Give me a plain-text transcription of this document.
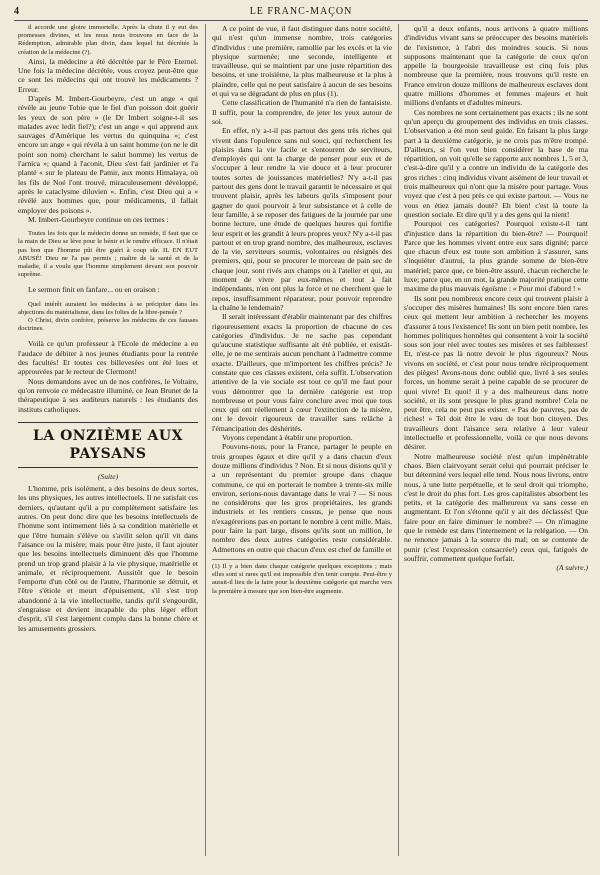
4	LE FRANC-MAÇON

il accorde une gloire immortelle. Après la chute il y eut des promesses divines, et les nous nous trouvons en face de la Rédemption, admirable plan divin, dans lequel fut décrétée la création de la médecine (?).

Ainsi, la médecine a été décrétée par le Père Eternel. Une fois la médecine décrétée, vous croyez peut-être que ce sont les médecins qui ont trouvé les médicaments ? Erreur.

D'après M. Imbert-Gourbeyre, c'est un ange « qui révèle au jeune Tobie que le fiel d'un poisson doit guérir les yeux de son père » (le Dr Imbert soigne-t-il ses malades avec ledit fiel?); c'est un ange « qui apprend aux sauvages d'Amérique les vertus du quinquina »; c'est encore un ange « qui révéla à un saint homme (on ne le dit point son nom) cherchant le salut homme) les vertus de l'arnica »; quand à l'aconit, Dieu s'est fait jardinier et l'a planté « sur le plateau de Pamir, aux monts Himalaya, où les fils de Noé l'ont trouvé, miraculeusement développé, après le cataclysme diluvien ». Enfin, c'est Dieu qui a « révélé aux hommes que, pour médicaments, il fallait employer des poisons ».

M. Imbert-Gourbeyre continue en ces termes :

Toutes les fois que le médecin donne un remède, il faut que ce la main de Dieu se lève pour le bénir et le rendre efficace. Il n'était pas bon que l'homme pût être guéri à coup sûr. IL EN EUT ABUSÉ! Dieu ne l'a pas permis ; maître de la santé et de la maladie, il a voulu que l'homme simplement devant son pouvoir suprême.

Le sermon finit en fanfare... ou en oraison :

Quel intérêt auraient les médecins à se précipiter dans les abjections du matérialisme, dans les folies de la libre-pensée ?

O Christ, divin confrère, préserve les médecins de ces fausses doctrines.

Voilà ce qu'un professeur à l'Ecole de médecine a eu l'audace de débiter à nos jeunes étudiants pour la rentrée des facultés! Et toutes ces billevesées ont été lues et approuvées par le recteur de Clermont!

Nous demandons avec un de nos confrères, le Voltaire, qu'on renvoie ce médecastre illuminé, ce Jean Brunet de la thérapeutique à ses auditeurs naturels : les étudiants des instituts catholiques.

LA ONZIÈME AUX PAYSANS
(Suite)

L'homme, pris isolément, a des besoins de deux sortes, les uns physiques, les autres intellectuels. Il ne satisfait ces derniers, qu'autant qu'il a pu complètement satisfaire les autres. On peut donc dire que les besoins intellectuels de l'homme sont intimement liés à sa condition matérielle et que l'être humain s'élève ou s'avilit selon qu'il vit dans l'aisance ou la misère; mais pour être juste, il faut ajouter que les besoins intellectuels diminuent dès que l'homme prend un trop grand plaisir à la vie physique, matérielle et animale, et réciproquement. Aussitôt que le besoin l'emporte d'un côté ou de l'autre, l'harmonie se détruit, et l'être s'étiole et meurt d'épuisement, s'il s'est trop abandonné à la vie intellectuelle, tandis qu'il s'engourdit, s'engraisse et devient incapable du plus léger effort d'esprit, s'il s'est largement complu dans la bonne chère et les amusements grossiers.

A ce point de vue, il faut distinguer dans notre société, qui n'est qu'un immense nombre, trois catégories d'individus : une première, ramollie par les excès et la vie physique surmenée; une seconde, intelligente et travailleuse, qui se maintient par une juste répartition des besoins, et une troisième, la plus malheureuse et la plus à plaindre, celle qui ne peut satisfaire à aucun de ses besoins et qui va se dégradant de plus en plus (1).

Cette classification de l'humanité n'a rien de fantaisiste. Il suffit, pour la comprendre, de jeter les yeux autour de soi.

En effet, n'y a-t-il pas partout des gens très riches qui vivent dans l'opulence sans nul souci, qui recherchent les plaisirs dans la vie facile et s'entourent de serviteurs, d'employés qui ont la charge de penser pour eux et de s'occuper à leur rendre la vie douce et à leur procurer toutes sortes de jouissances matérielles? N'y a-t-il pas partout des gens dont le travail garantit le nécessaire et qui trouvent plaisir, après les labeurs qu'ils s'imposent pour gagner de quoi pourvoir à leur subsistance et à celle de leur famille, à se reposer des fatigues de la journée par une bonne lecture, une étude de quelques heures qui fortifie leur esprit et les grandit à leurs propres yeux? N'y a-t-il pas partout et en trop grand nombre, des malheureux, esclaves de la vie, serviteurs soumis, volontaires ou résignés des premiers, qui, pour se procurer le morceau de pain sec de chaque jour, sont rivés aux champs ou à l'atelier et qui, au moment de vivre par eux-mêmes et tout à fait indépendants, n'en ont plus la force et ne cherchent que le repos, insuffisamment réparateur, pour pouvoir reprendre la chaîne le lendemain?

Il serait intéressant d'établir maintenant par des chiffres rigoureusement exacts la proportion de chacune de ces catégories d'individus. Je ne sache pas cependant qu'aucune statistique suffisante ait été publiée, et existât-elle, je ne me sentirais aucun penchant à l'admettre comme exacte. D'ailleurs, que m'importent les chiffres précis? Je constate que ces classes existent, cela suffit. L'observation attentive de la vie sociale est tout ce qu'il me faut pour vous démontrer que la dernière catégorie est trop nombreuse et pour vous faire conclure avec moi que tous ceux qui ont réellement à cœur l'extinction de la misère, ont le devoir rigoureux de travailler sans relâche à l'émancipation des déshérités.

Voyons cependant à établir une proportion.

Pouvons-nous, pour la France, partager le peuple en trois groupes égaux et dire qu'il y a dans chacun d'eux douze millions d'individus ? Non. Et si nous disions qu'il y a un représentant du premier groupe dans chaque commune, ce qui en porterait le nombre à trente-six mille environ, serions-nous davantage dans le vrai ? — Si nous ne considérons que les gros propriétaires, les grands industriels et les rentiers cossus, je pense que nous n'exagérerions pas en portant le nombre à cent mille. Mais, pour faire la part large, disons qu'ils sont un million, le nombre des deux autres catégories reste considérable. Admettons en outre que chacun d'eux est chef de famille et

(1) Il y a bien dans chaque catégorie quelques exceptions ; mais elles sont si rares qu'il est impossible d'en tenir compte. Peut-être y aurait-il lieu de la faire pour la deuxième catégorie qui marche vers la première à mesure que son bien-être augmente.

qu'il a deux enfants, nous arrivons à quatre millions d'individus vivant sans se préoccuper des besoins matériels de l'existence, à l'abri des moindres soucis. Si nous supposons maintenant que la catégorie de ceux qu'on appelle la bourgeoisie travailleuse est cinq fois plus nombreuse que la première, nous trouvons qu'il reste en France environ douze millions de malheureux esclaves dont quatre millions d'hommes et femmes majeurs et huit millions d'enfants et d'adultes mineurs.

Ces nombres ne sont certainement pas exacts ; ils ne sont qu'un aperçu du groupement des individus en trois classes. L'observation a été mon seul guide. En faisant la plus large part à la deuxième catégorie, je ne crois pas m'être trompé. D'ailleurs, si l'on veut bien considérer la base de ma répartition, on voit qu'elle se rapporte aux nombres 1, 5 et 3, c'est-à-dire qu'il y a contre un individu de la catégorie des gros riches : cinq individus vivant aisément de leur travail et trois malheureux qui n'ont que la misère pour partage. Vous voyez que c'est à peu près ce qui existe partout. — Vous ne vous en étiez jamais douté? Eh bien! c'est là toute la question sociale. Et dire qu'il y a des gens qui la nient!

Pourquoi ces catégories? Pourquoi existe-t-il tant d'injustice dans la répartition du bien-être? — Pourquoi! Parce que les hommes vivent entre eux sans dignité; parce que chacun d'eux est toute son ambition à s'assurer, sans s'inquiéter d'autrui, la plus grande somme de bien-être matériel; parce que, ce bien-être assuré, chacun recherche le luxe; parce que, en un mot, la grande majorité pratique cette maxime du plus mauvais égoïsme : « Pour moi d'abord ! »

Ils sont peu nombreux encore ceux qui trouvent plaisir à s'occuper des misères humaines! Ils sont encore bien rares ceux qui mettent leur ambition à rechercher les moyens d'assurer à tous l'existence! Ils sont un bien petit nombre, les hommes politiques honnêtes qui consentent à voir la société sous son jour réel avec toutes ses misères et ses faiblesses! Et, n'est-ce pas là notre devoir le plus rigoureux? Nous vivons en société, et c'est pour nous tendre réciproquement des pièges! Avons-nous donc oublié que, livré à ses seules forces, un homme serait à peine capable de se procurer de quoi vivre! Et quoi! il y a des malheureux dans notre société, et ils sont presque le plus grand nombre! Cela ne peut être, cela ne peut pas exister. « Pas de pauvres, pas de riches! » Tel doit être le vœu de tout bon citoyen. Des travailleurs dont l'aisance sera relative à leur valeur intellectuelle et professionnelle, voilà ce que nous devons désirer.

Notre malheureuse société n'est qu'un impénétrable chaos. Bien clairvoyant serait celui qui pourrait préciser le but déterminé vers lequel elle tend. Nous nous livrons, entre nous, à une lutte perpétuelle, et le seul droit qui triomphe, c'est le droit du plus fort. Les gros capitalistes absorbent les petits, et la catégorie des malheureux va sans cesse en augmentant. Et l'on s'étonne qu'il y ait des déclassés! Que faire pour en faire diminuer le nombre? — On n'imagine que le remède est dans l'internement et la relégation. — On ne renonce jamais à la source du mal; on se contente de punir (c'est l'expression consacrée!) ceux qui, fatigués de souffrir, commettent quelque forfait.

(A suivre.)
